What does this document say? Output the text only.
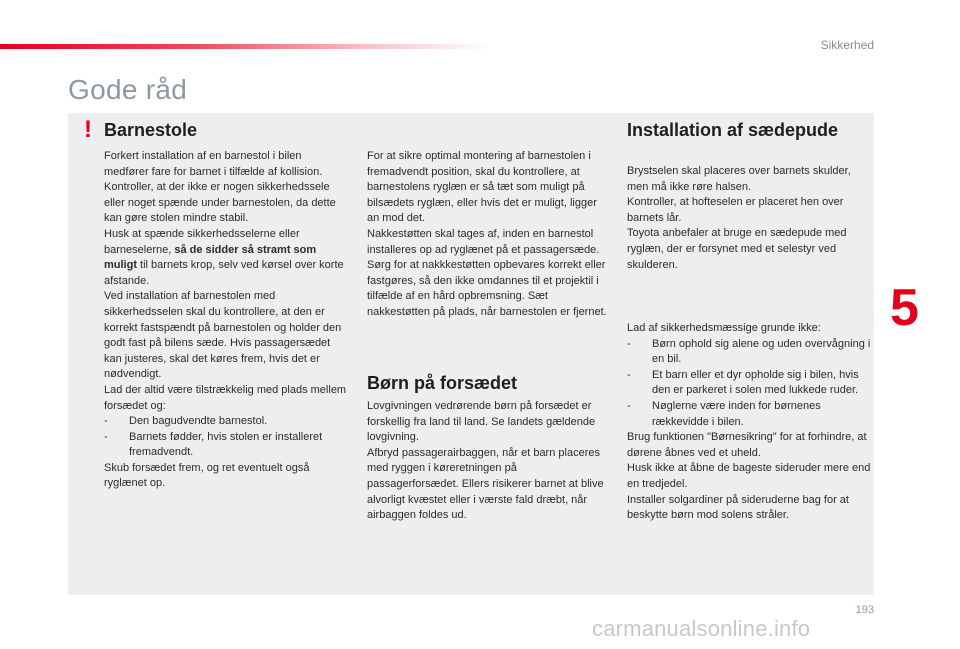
Sikkerhed
Gode råd
! Barnestole

Forkert installation af en barnestol i bilen medfører fare for barnet i tilfælde af kollision.

Kontroller, at der ikke er nogen sikkerhedssele eller noget spænde under barnestolen, da dette kan gøre stolen mindre stabil.

Husk at spænde sikkerhedsselerne eller barneselerne, så de sidder så stramt som muligt til barnets krop, selv ved kørsel over korte afstande.

Ved installation af barnestolen med sikkerhedsselen skal du kontrollere, at den er korrekt fastspændt på barnestolen og holder den godt fast på bilens sæde. Hvis passagersædet kan justeres, skal det køres frem, hvis det er nødvendigt.

Lad der altid være tilstrækkelig med plads mellem forsædet og:

- Den bagudvendte barnestol.

- Barnets fødder, hvis stolen er installeret fremadvendt.

Skub forsædet frem, og ret eventuelt også ryglænet op.

For at sikre optimal montering af barnestolen i fremadvendt position, skal du kontrollere, at barnestolens ryglæn er så tæt som muligt på bilsædets ryglæn, eller hvis det er muligt, ligger an mod det.

Nakkestøtten skal tages af, inden en barnestol installeres op ad ryglænet på et passagersæde.

Sørg for at nakkkestøtten opbevares korrekt eller fastgøres, så den ikke omdannes til et projektil i tilfælde af en hård opbremsning. Sæt nakkestøtten på plads, når barnestolen er fjernet.

Børn på forsædet

Lovgivningen vedrørende børn på forsædet er forskellig fra land til land. Se landets gældende lovgivning.

Afbryd passagerairbaggen, når et barn placeres med ryggen i køreretningen på passagerforsædet. Ellers risikerer barnet at blive alvorligt kvæstet eller i værste fald dræbt, når airbaggen foldes ud.

Installation af sædepude

Brystselen skal placeres over barnets skulder, men må ikke røre halsen.

Kontroller, at hofteselen er placeret hen over barnets lår.

Toyota anbefaler at bruge en sædepude med ryglæn, der er forsynet med et selestyr ved skulderen.

Lad af sikkerhedsmæssige grunde ikke:

- Børn ophold sig alene og uden overvågning i en bil.

- Et barn eller et dyr opholde sig i bilen, hvis den er parkeret i solen med lukkede ruder.

- Nøglerne være inden for børnenes rækkevidde i bilen.

Brug funktionen "Børnesikring" for at forhindre, at dørene åbnes ved et uheld.

Husk ikke at åbne de bageste sideruder mere end en tredjedel.

Installer solgardiner på sideruderne bag for at beskytte børn mod solens stråler.

5
193
carmanualsonline.info
